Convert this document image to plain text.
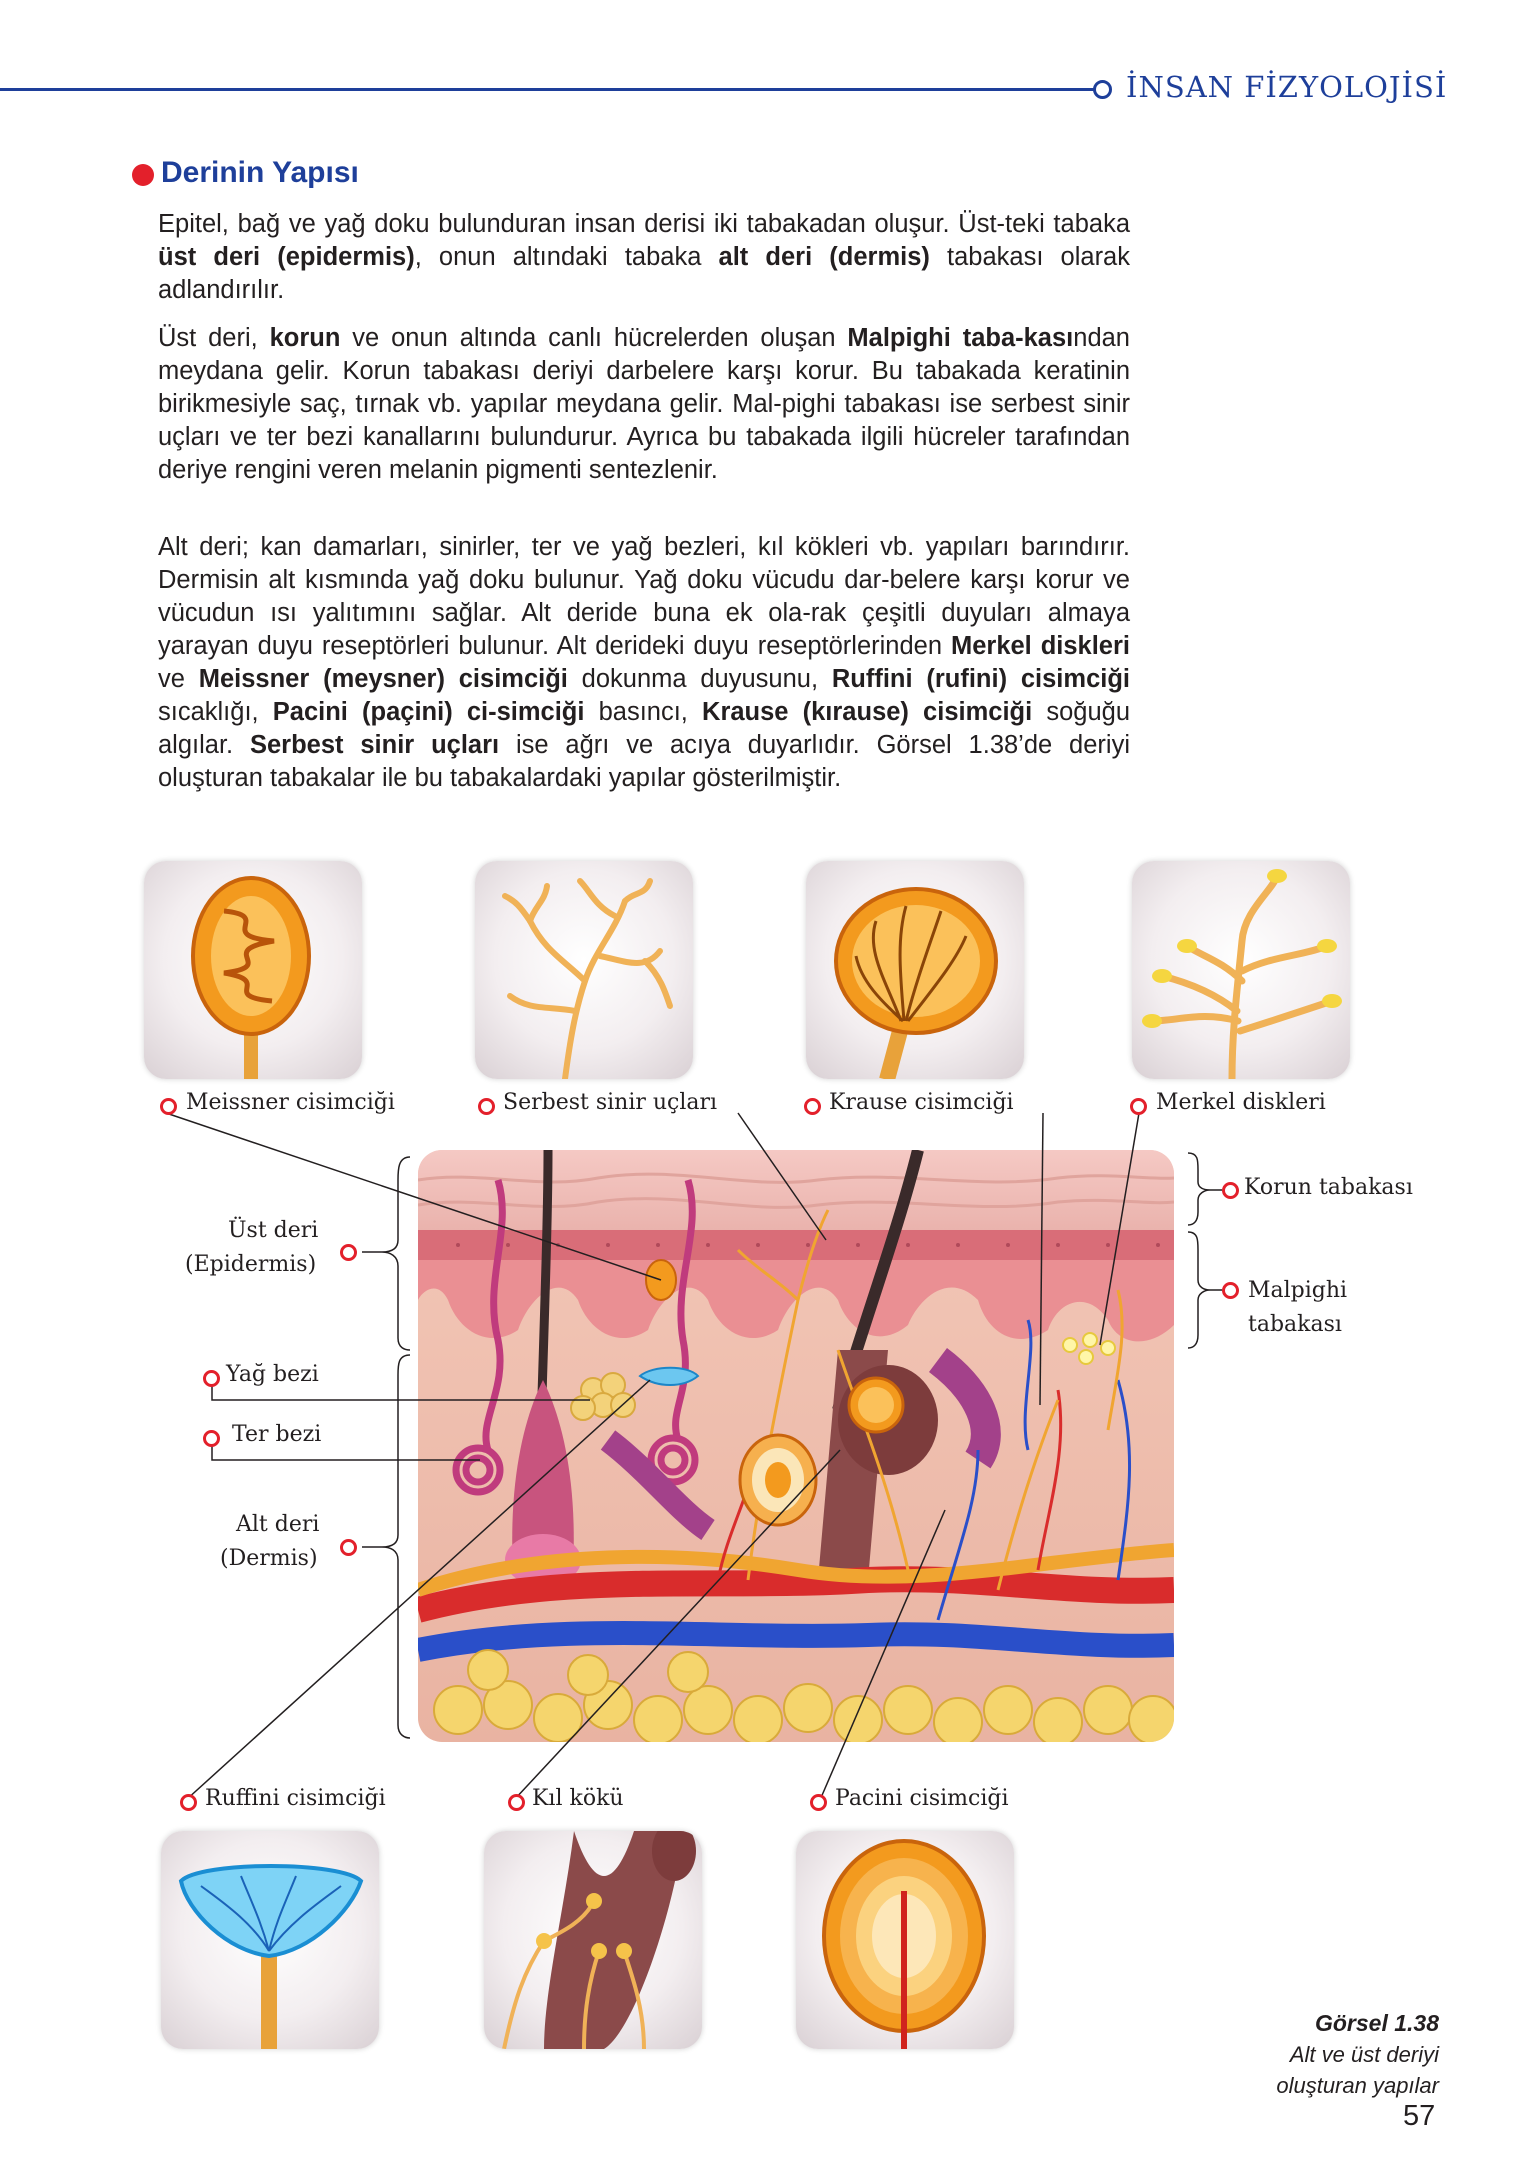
İNSAN FİZYOLOJİSİ
Derinin Yapısı

Epitel, bağ ve yağ doku bulunduran insan derisi iki tabakadan oluşur. Üst-teki tabaka üst deri (epidermis), onun altındaki tabaka alt deri (dermis) tabakası olarak adlandırılır.

Üst deri, korun ve onun altında canlı hücrelerden oluşan Malpighi taba-kasından meydana gelir. Korun tabakası deriyi darbelere karşı korur. Bu tabakada keratinin birikmesiyle saç, tırnak vb. yapılar meydana gelir. Mal-pighi tabakası ise serbest sinir uçları ve ter bezi kanallarını bulundurur. Ayrıca bu tabakada ilgili hücreler tarafından deriye rengini veren melanin pigmenti sentezlenir.

Alt deri; kan damarları, sinirler, ter ve yağ bezleri, kıl kökleri vb. yapıları barındırır. Dermisin alt kısmında yağ doku bulunur. Yağ doku vücudu dar-belere karşı korur ve vücudun ısı yalıtımını sağlar. Alt deride buna ek ola-rak çeşitli duyuları almaya yarayan duyu reseptörleri bulunur. Alt derideki duyu reseptörlerinden Merkel diskleri ve Meissner (meysner) cisimciği dokunma duyusunu, Ruffini (rufini) cisimciği sıcaklığı, Pacini (paçini) ci-simciği basıncı, Krause (kırause) cisimciği soğuğu algılar. Serbest sinir uçları ise ağrı ve acıya duyarlıdır. Görsel 1.38’de deriyi oluşturan tabakalar ile bu tabakalardaki yapılar gösterilmiştir.

Meissner cisimciği	Serbest sinir uçları	Krause cisimciği	Merkel diskleri
Korun tabakası
Malpighi
tabakası
Üst deri
(Epidermis)
Yağ bezi
Ter bezi
Alt deri
(Dermis)
Ruffini cisimciği	Kıl kökü	Pacini cisimciği
Görsel 1.38
Alt ve üst deriyi
oluşturan yapılar
57
